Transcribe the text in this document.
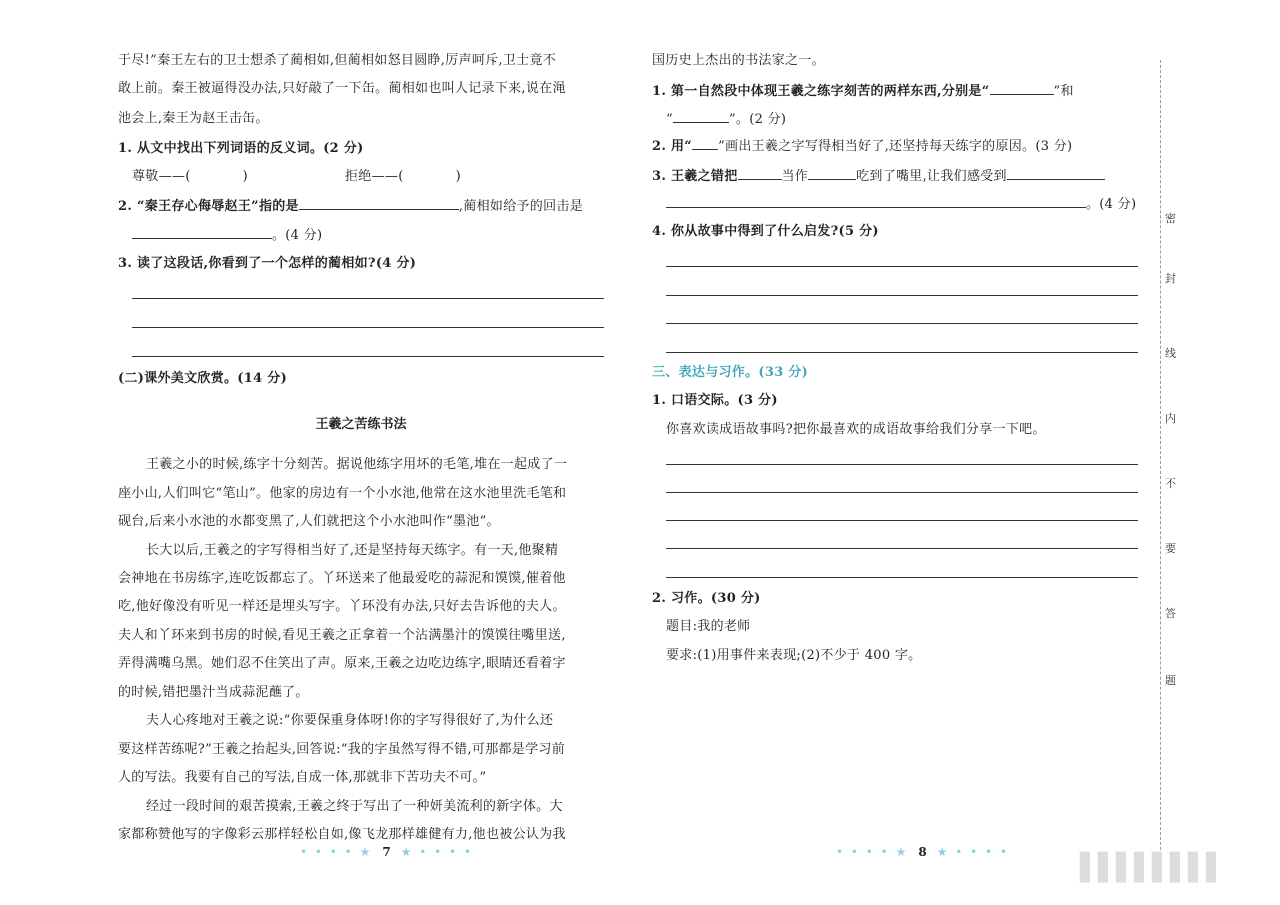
于尽!”秦王左右的卫士想杀了蔺相如,但蔺相如怒目圆睁,厉声呵斥,卫士竟不
敢上前。秦王被逼得没办法,只好敲了一下缶。蔺相如也叫人记录下来,说在渑
池会上,秦王为赵王击缶。
1. 从文中找出下列词语的反义词。(2 分)
尊敬——(	)	拒绝——(	)
2. “秦王存心侮辱赵王”指的是	,蔺相如给予的回击是
。(4 分)
3. 读了这段话,你看到了一个怎样的蔺相如?(4 分)
(二)课外美文欣赏。(14 分)
王羲之苦练书法
王羲之小的时候,练字十分刻苦。据说他练字用坏的毛笔,堆在一起成了一
座小山,人们叫它“笔山”。他家的房边有一个小水池,他常在这水池里洗毛笔和
砚台,后来小水池的水都变黑了,人们就把这个小水池叫作“墨池”。
长大以后,王羲之的字写得相当好了,还是坚持每天练字。有一天,他聚精
会神地在书房练字,连吃饭都忘了。丫环送来了他最爱吃的蒜泥和馍馍,催着他
吃,他好像没有听见一样还是埋头写字。丫环没有办法,只好去告诉他的夫人。
夫人和丫环来到书房的时候,看见王羲之正拿着一个沾满墨汁的馍馍往嘴里送,
弄得满嘴乌黑。她们忍不住笑出了声。原来,王羲之边吃边练字,眼睛还看着字
的时候,错把墨汁当成蒜泥蘸了。
夫人心疼地对王羲之说:“你要保重身体呀!你的字写得很好了,为什么还
要这样苦练呢?”王羲之抬起头,回答说:“我的字虽然写得不错,可那都是学习前
人的写法。我要有自己的写法,自成一体,那就非下苦功夫不可。”
经过一段时间的艰苦摸索,王羲之终于写出了一种妍美流利的新字体。大
家都称赞他写的字像彩云那样轻松自如,像飞龙那样雄健有力,他也被公认为我
• • • • ★ 7 ★ • • • •
国历史上杰出的书法家之一。
1. 第一自然段中体现王羲之练字刻苦的两样东西,分别是“	”和
“	”。(2 分)
2. 用“ ”画出王羲之字写得相当好了,还坚持每天练字的原因。(3 分)
3. 王羲之错把	当作	吃到了嘴里,让我们感受到
。(4 分)
4. 你从故事中得到了什么启发?(5 分)
三、表达与习作。(33 分)
1. 口语交际。(3 分)
你喜欢读成语故事吗?把你最喜欢的成语故事给我们分享一下吧。
2. 习作。(30 分)
题目:我的老师
要求:(1)用事件来表现;(2)不少于 400 字。
• • • • ★ 8 ★ • • • •
密
封
线
内
不
要
答
题
▌▌▌▌▌▌▌▌
